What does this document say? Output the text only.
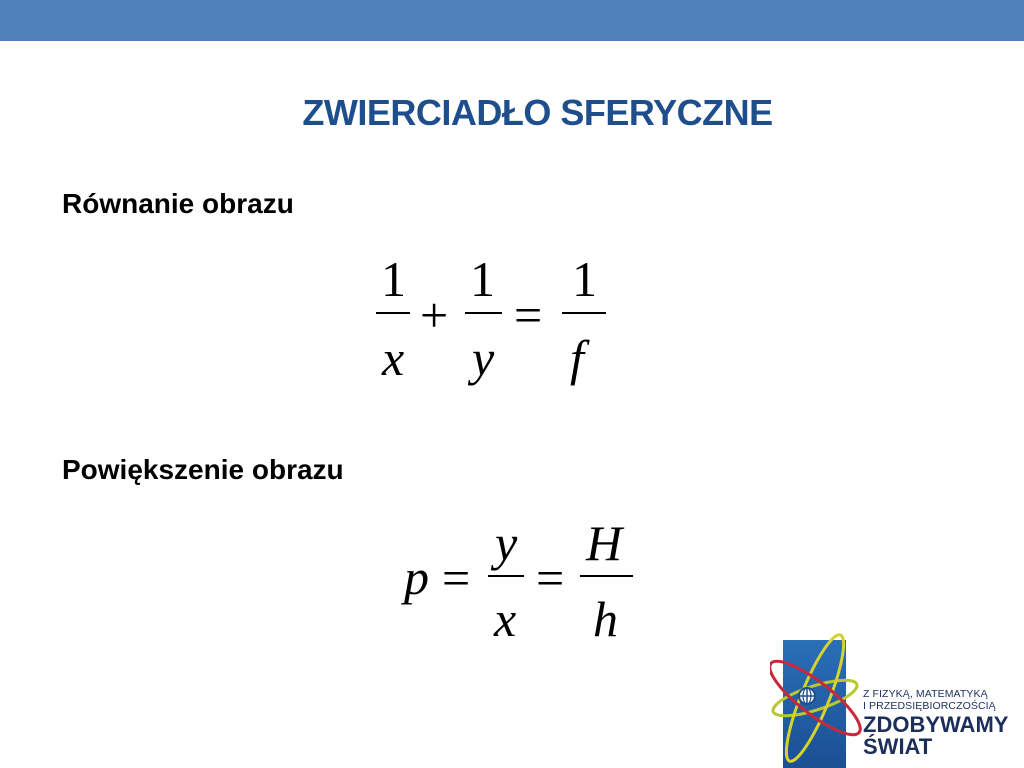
ZWIERCIADŁO SFERYCZNE
Równanie obrazu
1
x
+
1
y
=
1
f
Powiększenie obrazu
p =
y
x
=
H
h
Z FIZYKĄ, MATEMATYKĄ
I PRZEDSIĘBIORCZOŚCIĄ
ZDOBYWAMY
ŚWIAT
